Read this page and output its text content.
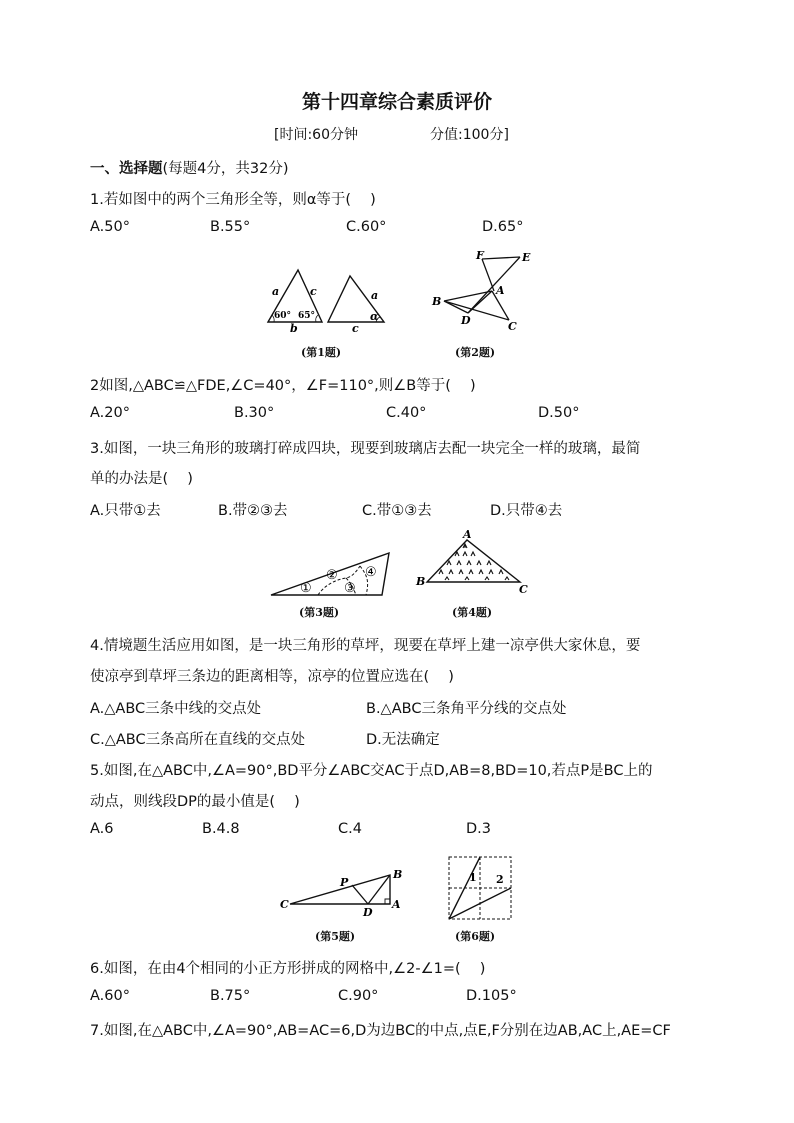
第十四章综合素质评价
[时间:60分钟	分值:100分]
一、选择题(每题4分，共32分)
1.若如图中的两个三角形全等，则α等于(　 )
A.50°	B.55°	C.60°	D.65°
a	c
60° 65°
b
a
c
α
(第1题)
F	E
A
B
D	C
(第2题)
2如图,△ABC≌△FDE,∠C=40°，∠F=110°,则∠B等于(　 )
A.20°	B.30°	C.40°	D.50°
3.如图，一块三角形的玻璃打碎成四块，现要到玻璃店去配一块完全一样的玻璃，最简
单的办法是(　 )
A.只带①去	B.带②③去	C.带①③去	D.只带④去
①
②
③
④
(第3题)
A
B
C
(第4题)
4.情境题生活应用如图，是一块三角形的草坪，现要在草坪上建一凉亭供大家休息，要
使凉亭到草坪三条边的距离相等，凉亭的位置应选在(　 )
A.△ABC三条中线的交点处	B.△ABC三条角平分线的交点处
C.△ABC三条高所在直线的交点处	D.无法确定
5.如图,在△ABC中,∠A=90°,BD平分∠ABC交AC于点D,AB=8,BD=10,若点P是BC上的
动点，则线段DP的最小值是(　 )
A.6	B.4.8	C.4	D.3
P
B
C
D
A
(第5题)
1 2
(第6题)
6.如图，在由4个相同的小正方形拼成的网格中,∠2-∠1=(　 )
A.60°	B.75°	C.90°	D.105°
7.如图,在△ABC中,∠A=90°,AB=AC=6,D为边BC的中点,点E,F分别在边AB,AC上,AE=CF
